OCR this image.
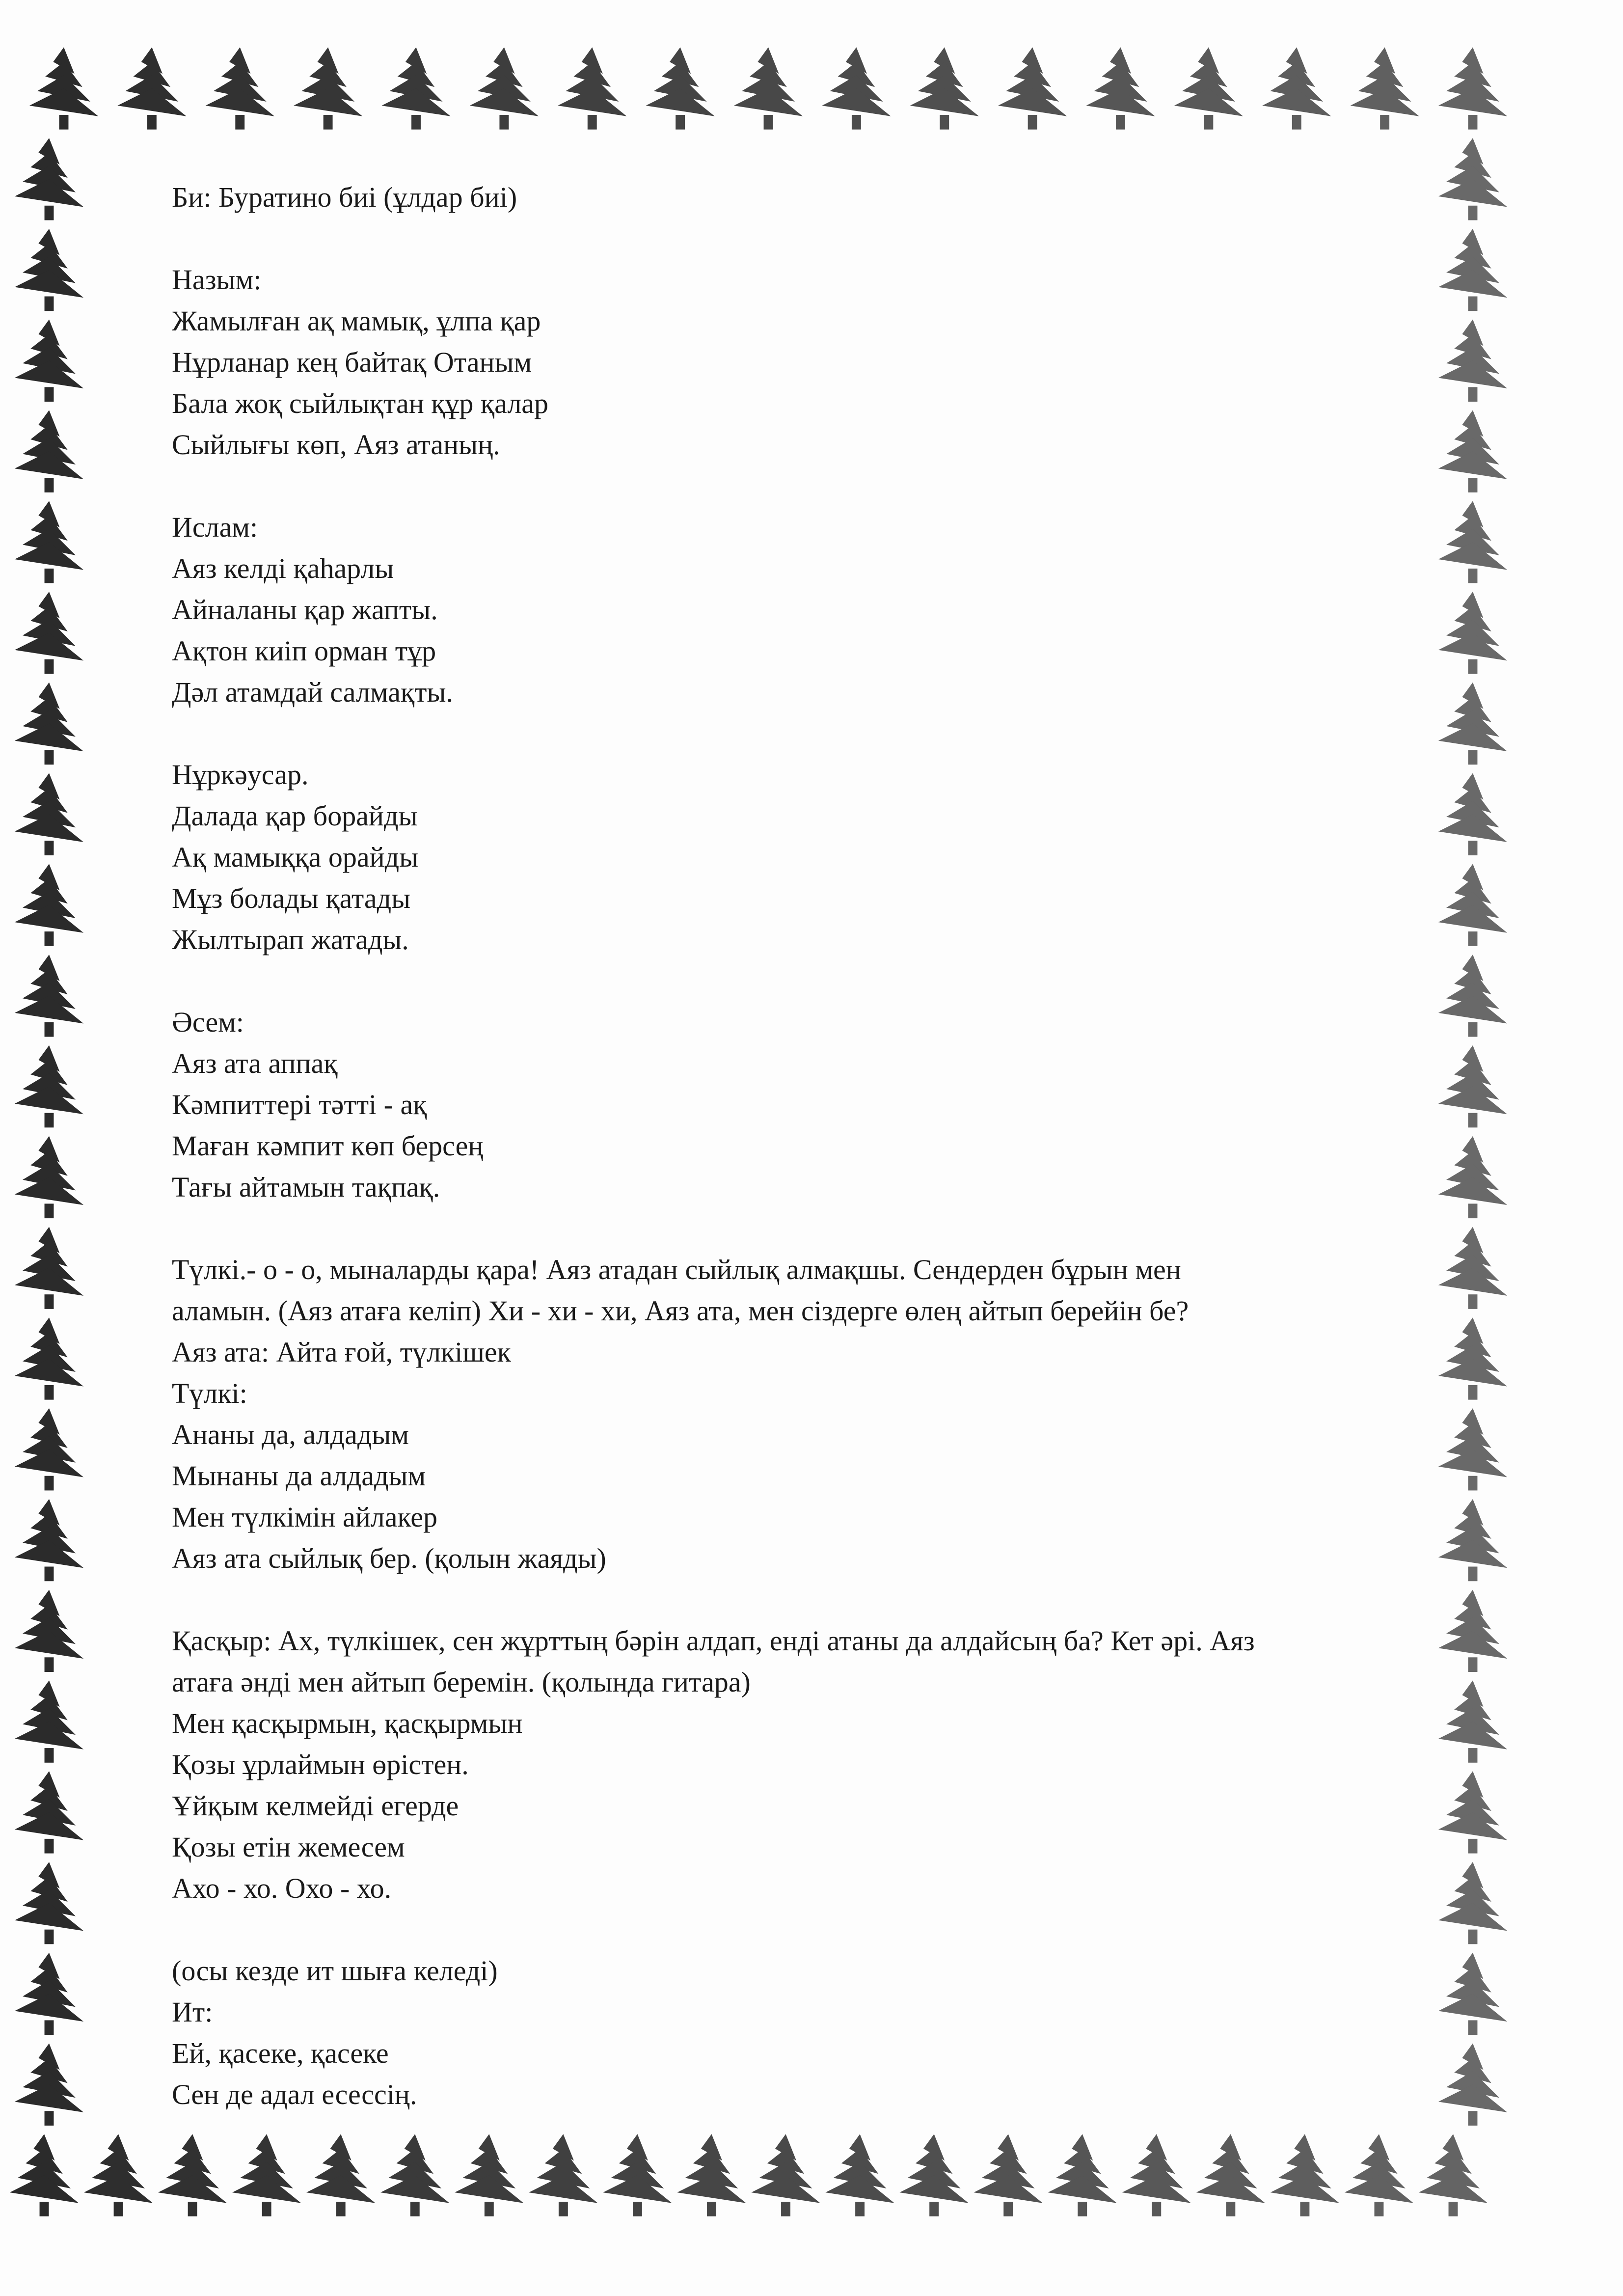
Би: Буратино биі (ұлдар биі)

Назым:

Жамылған ақ мамық, ұлпа қар

Нұрланар кең байтақ Отаным

Бала жоқ сыйлықтан құр қалар

Сыйлығы көп, Аяз атаның.

Ислам:

Аяз келді қаһарлы

Айналаны қар жапты.

Ақтон киіп орман тұр

Дәл атамдай салмақты.

Нұркәусар.

Далада қар борайды

Ақ мамыққа орайды

Мұз болады қатады

Жылтырап жатады.

Әсем:

Аяз ата аппақ

Кәмпиттері тәтті - ақ

Маған кәмпит көп берсең

Тағы айтамын тақпақ.

Түлкі.- о - о, мыналарды қара! Аяз атадан сыйлық алмақшы. Сендерден бұрын мен

аламын. (Аяз атаға келіп) Хи - хи - хи, Аяз ата, мен сіздерге өлең айтып берейін бе?

Аяз ата: Айта ғой, түлкішек

Түлкі:

Ананы да, алдадым

Мынаны да алдадым

Мен түлкімін айлакер

Аяз ата сыйлық бер. (қолын жаяды)

Қасқыр: Ах, түлкішек, сен жұрттың бәрін алдап, енді атаны да алдайсың ба? Кет әрі. Аяз

атаға әнді мен айтып беремін. (қолында гитара)

Мен қасқырмын, қасқырмын

Қозы ұрлаймын өрістен.

Ұйқым келмейді егерде

Қозы етін жемесем

Ахо - хо. Охо - хо.

(осы кезде ит шыға келеді)

Ит:

Ей, қасеке, қасеке

Сен де адал есессің.
